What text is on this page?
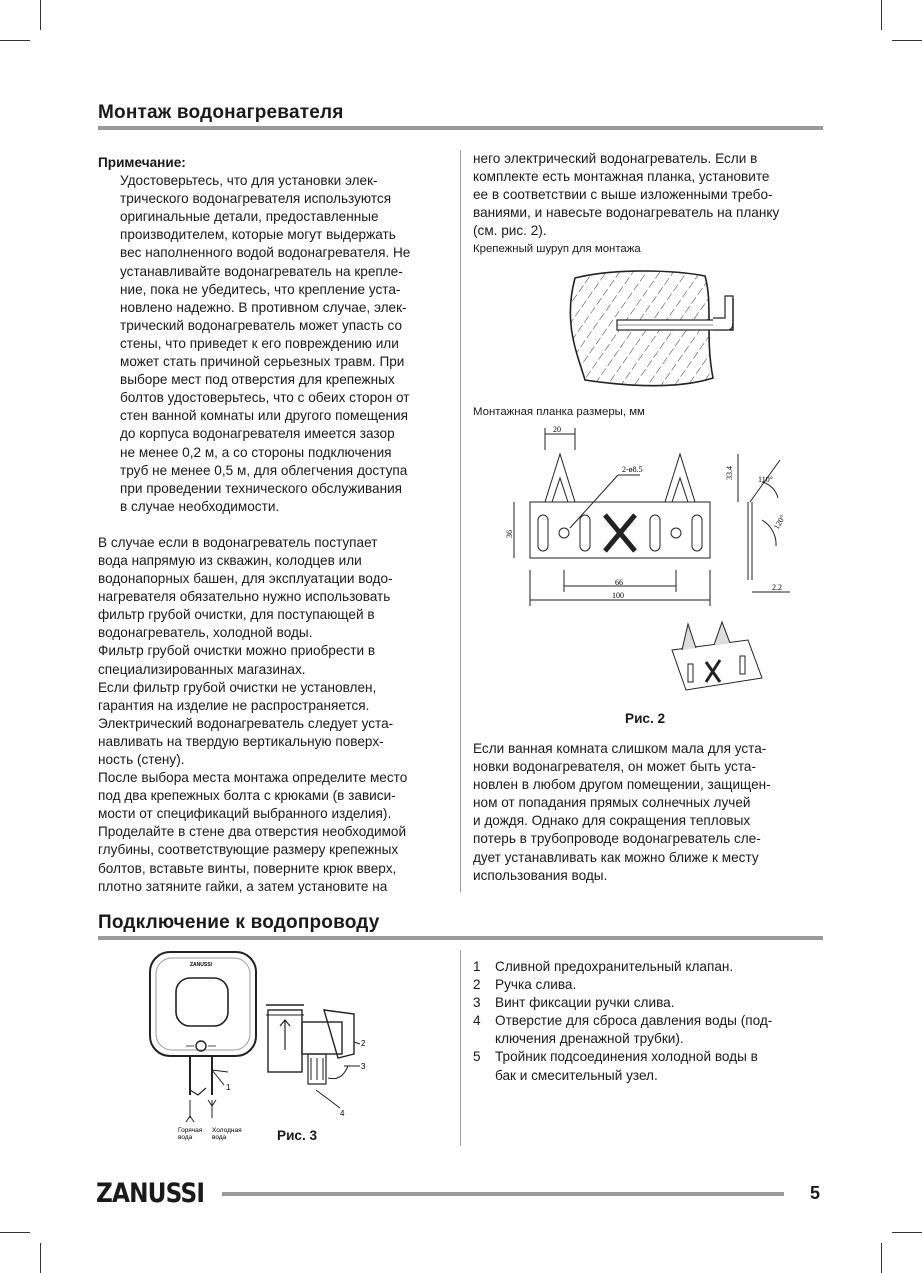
Монтаж водонагревателя

Примечание:

Удостоверьтесь, что для установки элек-

трического водонагревателя используются

оригинальные детали, предоставленные

производителем, которые могут выдержать

вес наполненного водой водонагревателя. Не

устанавливайте водонагреватель на крепле-

ние, пока не убедитесь, что крепление уста-

новлено надежно. В противном случае, элек-

трический водонагреватель может упасть со

стены, что приведет к его повреждению или

может стать причиной серьезных травм. При

выборе мест под отверстия для крепежных

болтов удостоверьтесь, что с обеих сторон от

стен ванной комнаты или другого помещения

до корпуса водонагревателя имеется зазор

не менее 0,2 м, а со стороны подключения

труб не менее 0,5 м, для облегчения доступа

при проведении технического обслуживания

в случае необходимости.

В случае если в водонагреватель поступает

вода напрямую из скважин, колодцев или

водонапорных башен, для эксплуатации водо-

нагревателя обязательно нужно использовать

фильтр грубой очистки, для поступающей в

водонагреватель, холодной воды.

Фильтр грубой очистки можно приобрести в

специализированных магазинах.

Если фильтр грубой очистки не установлен,

гарантия на изделие не распространяется.

Электрический водонагреватель следует уста-

навливать на твердую вертикальную поверх-

ность (стену).

После выбора места монтажа определите место

под два крепежных болта с крюками (в зависи-

мости от спецификаций выбранного изделия).

Проделайте в стене два отверстия необходимой

глубины, соответствующие размеру крепежных

болтов, вставьте винты, поверните крюк вверх,

плотно затяните гайки, а затем установите на

него электрический водонагреватель. Если в

комплекте есть монтажная планка, установите

ее в соответствии с выше изложенными требо-

ваниями, и навесьте водонагреватель на планку

(см. рис. 2).

Крепежный шуруп для монтажа

Монтажная планка размеры, мм
20
2-ø8.5	33.4	110°
36
120°
66
100
2.2
Рис. 2

Если ванная комната слишком мала для уста-

новки водонагревателя, он может быть уста-

новлен в любом другом помещении, защищен-

ном от попадания прямых солнечных лучей

и дождя. Однако для сокращения тепловых

потерь в трубопроводе водонагреватель сле-

дует устанавливать как можно ближе к месту

использования воды.

Подключение к водопроводу
ZANUSSI
1
2
3
4
Горячая
вода
Холодная
вода	Рис. 3
1	Сливной предохранительный клапан.
2	Ручка слива.
3	Винт фиксации ручки слива.
4	Отверстие для сброса давления воды (под-
ключения дренажной трубки).
5	Тройник подсоединения холодной воды в
бак и смесительный узел.
ZANUSSI	5
